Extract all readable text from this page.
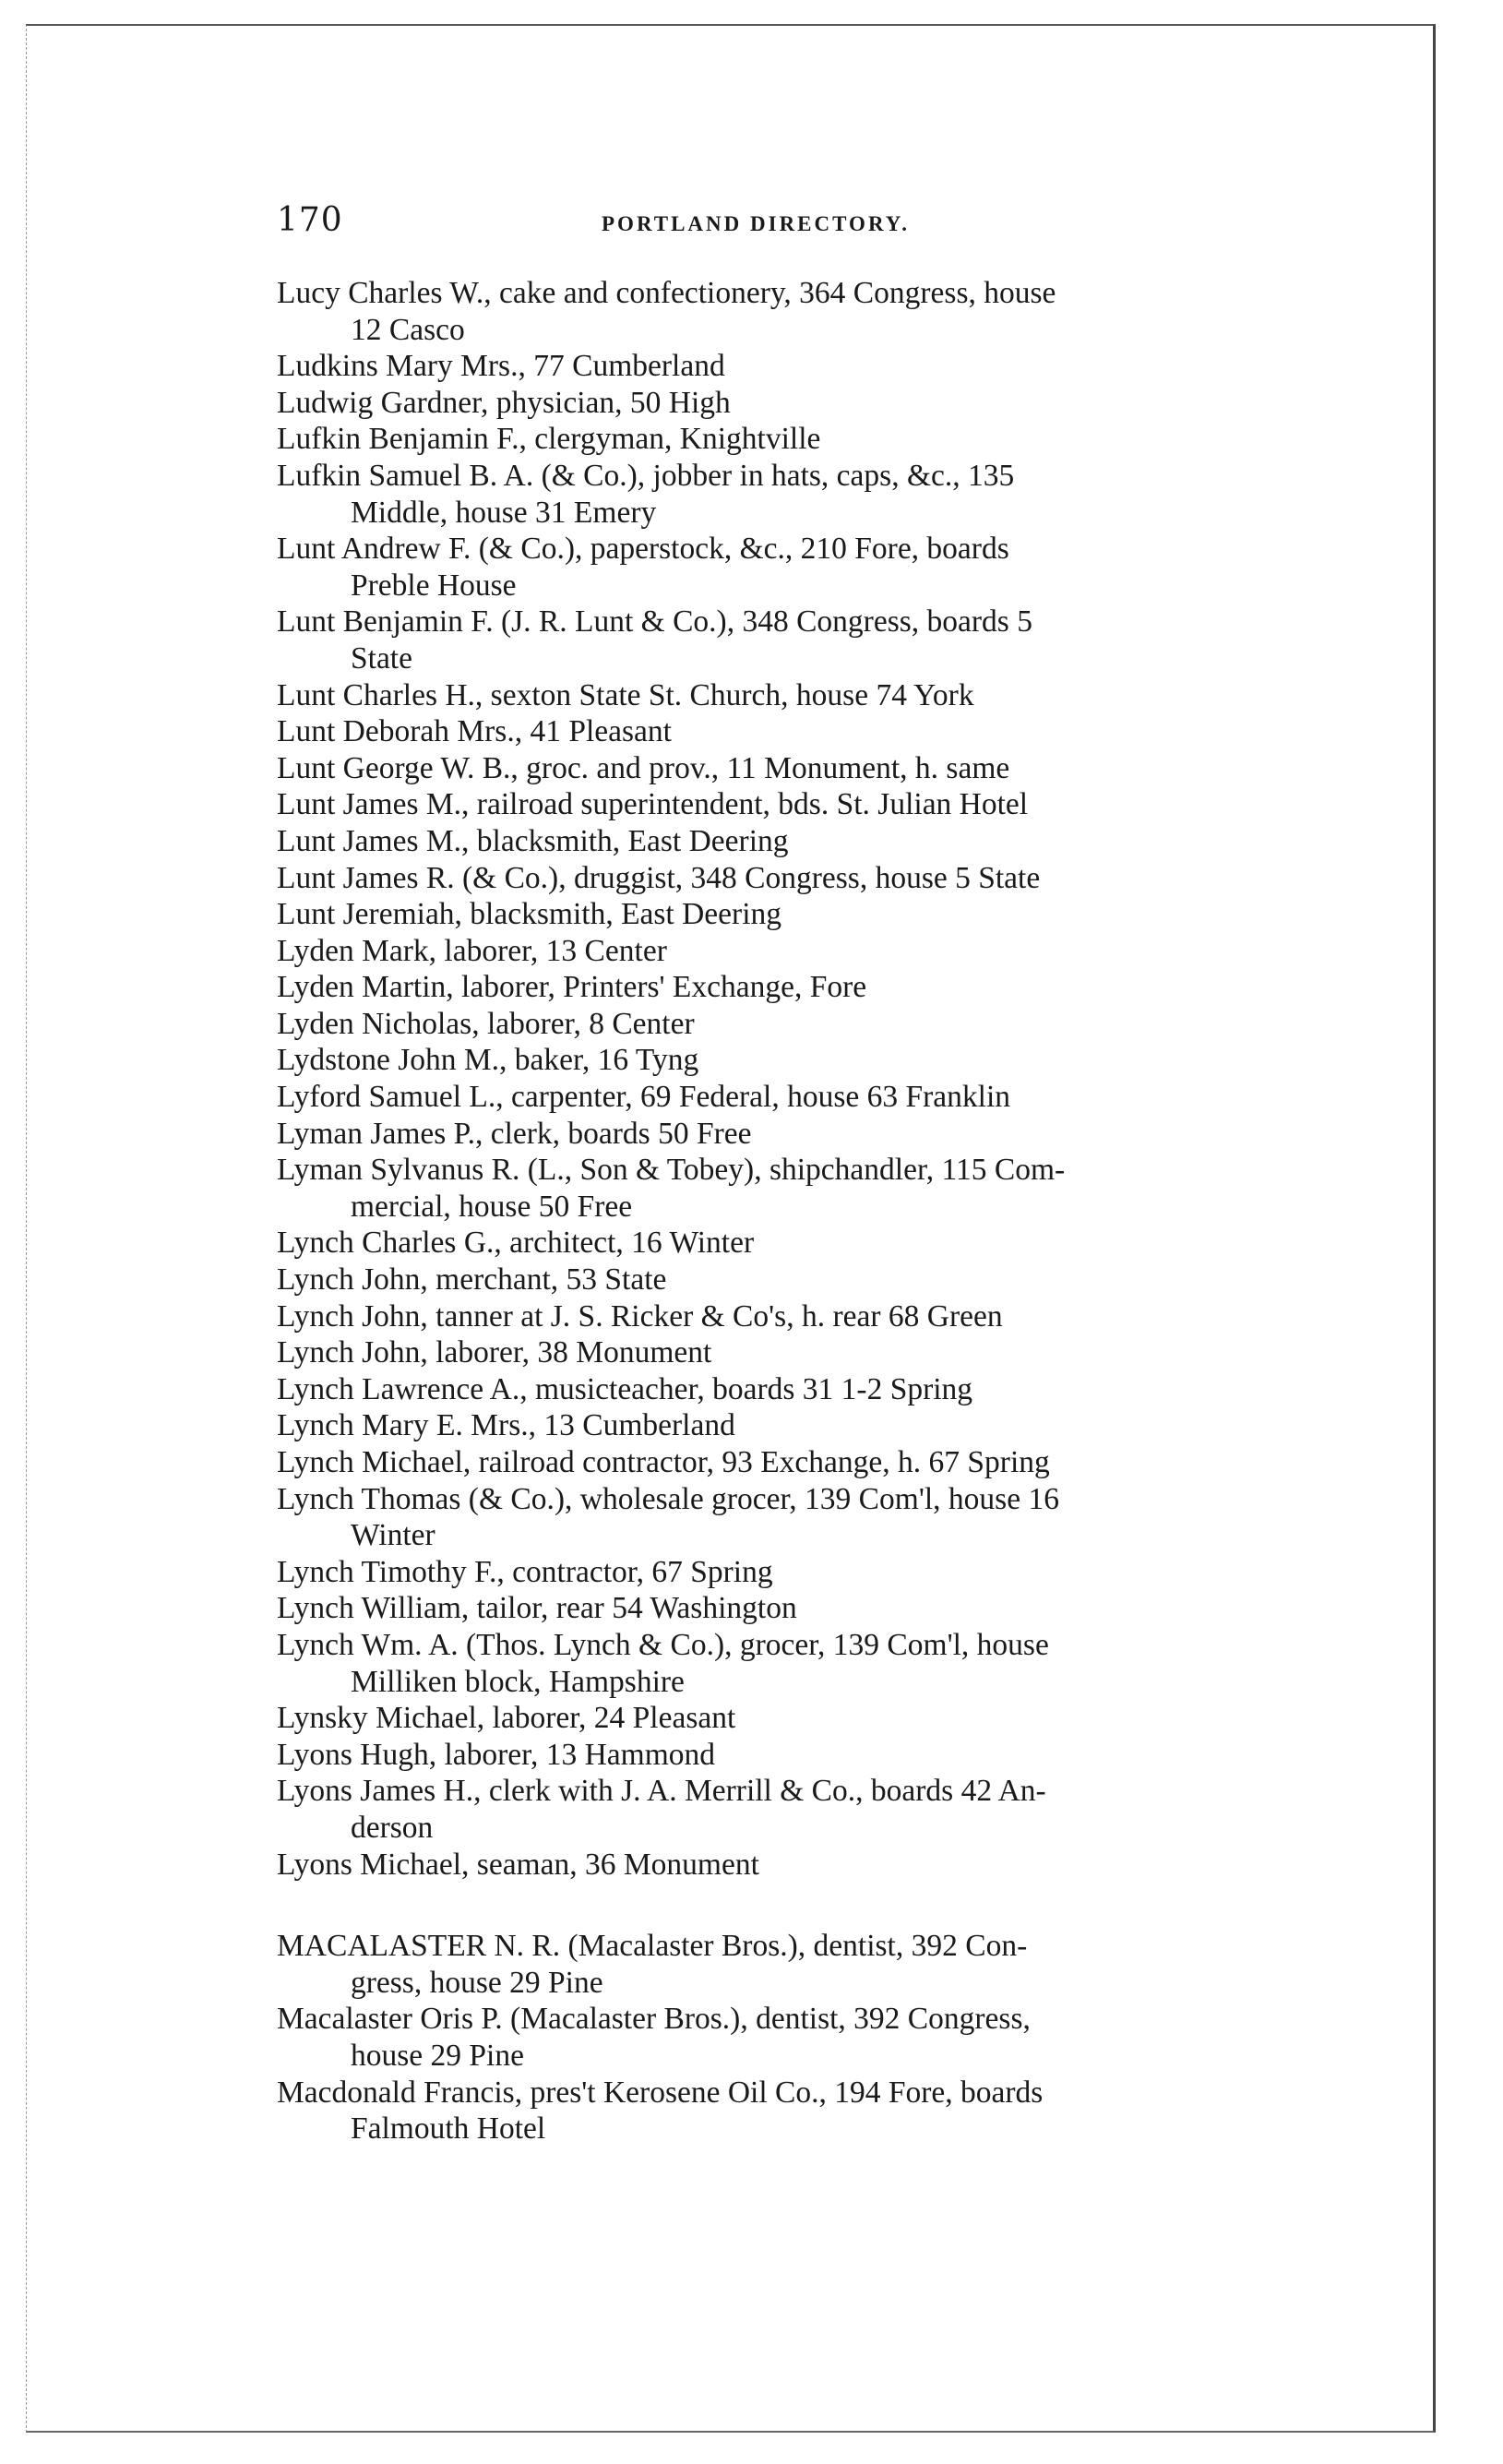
170	PORTLAND DIRECTORY.
Lucy Charles W., cake and confectionery, 364 Congress, house
12 Casco
Ludkins Mary Mrs., 77 Cumberland
Ludwig Gardner, physician, 50 High
Lufkin Benjamin F., clergyman, Knightville
Lufkin Samuel B. A. (& Co.), jobber in hats, caps, &c., 135
Middle, house 31 Emery
Lunt Andrew F. (& Co.), paperstock, &c., 210 Fore, boards
Preble House
Lunt Benjamin F. (J. R. Lunt & Co.), 348 Congress, boards 5
State
Lunt Charles H., sexton State St. Church, house 74 York
Lunt Deborah Mrs., 41 Pleasant
Lunt George W. B., groc. and prov., 11 Monument, h. same
Lunt James M., railroad superintendent, bds. St. Julian Hotel
Lunt James M., blacksmith, East Deering
Lunt James R. (& Co.), druggist, 348 Congress, house 5 State
Lunt Jeremiah, blacksmith, East Deering
Lyden Mark, laborer, 13 Center
Lyden Martin, laborer, Printers' Exchange, Fore
Lyden Nicholas, laborer, 8 Center
Lydstone John M., baker, 16 Tyng
Lyford Samuel L., carpenter, 69 Federal, house 63 Franklin
Lyman James P., clerk, boards 50 Free
Lyman Sylvanus R. (L., Son & Tobey), shipchandler, 115 Com-
mercial, house 50 Free
Lynch Charles G., architect, 16 Winter
Lynch John, merchant, 53 State
Lynch John, tanner at J. S. Ricker & Co's, h. rear 68 Green
Lynch John, laborer, 38 Monument
Lynch Lawrence A., musicteacher, boards 31 1-2 Spring
Lynch Mary E. Mrs., 13 Cumberland
Lynch Michael, railroad contractor, 93 Exchange, h. 67 Spring
Lynch Thomas (& Co.), wholesale grocer, 139 Com'l, house 16
Winter
Lynch Timothy F., contractor, 67 Spring
Lynch William, tailor, rear 54 Washington
Lynch Wm. A. (Thos. Lynch & Co.), grocer, 139 Com'l, house
Milliken block, Hampshire
Lynsky Michael, laborer, 24 Pleasant
Lyons Hugh, laborer, 13 Hammond
Lyons James H., clerk with J. A. Merrill & Co., boards 42 An-
derson
Lyons Michael, seaman, 36 Monument
MACALASTER N. R. (Macalaster Bros.), dentist, 392 Con-
gress, house 29 Pine
Macalaster Oris P. (Macalaster Bros.), dentist, 392 Congress,
house 29 Pine
Macdonald Francis, pres't Kerosene Oil Co., 194 Fore, boards
Falmouth Hotel
